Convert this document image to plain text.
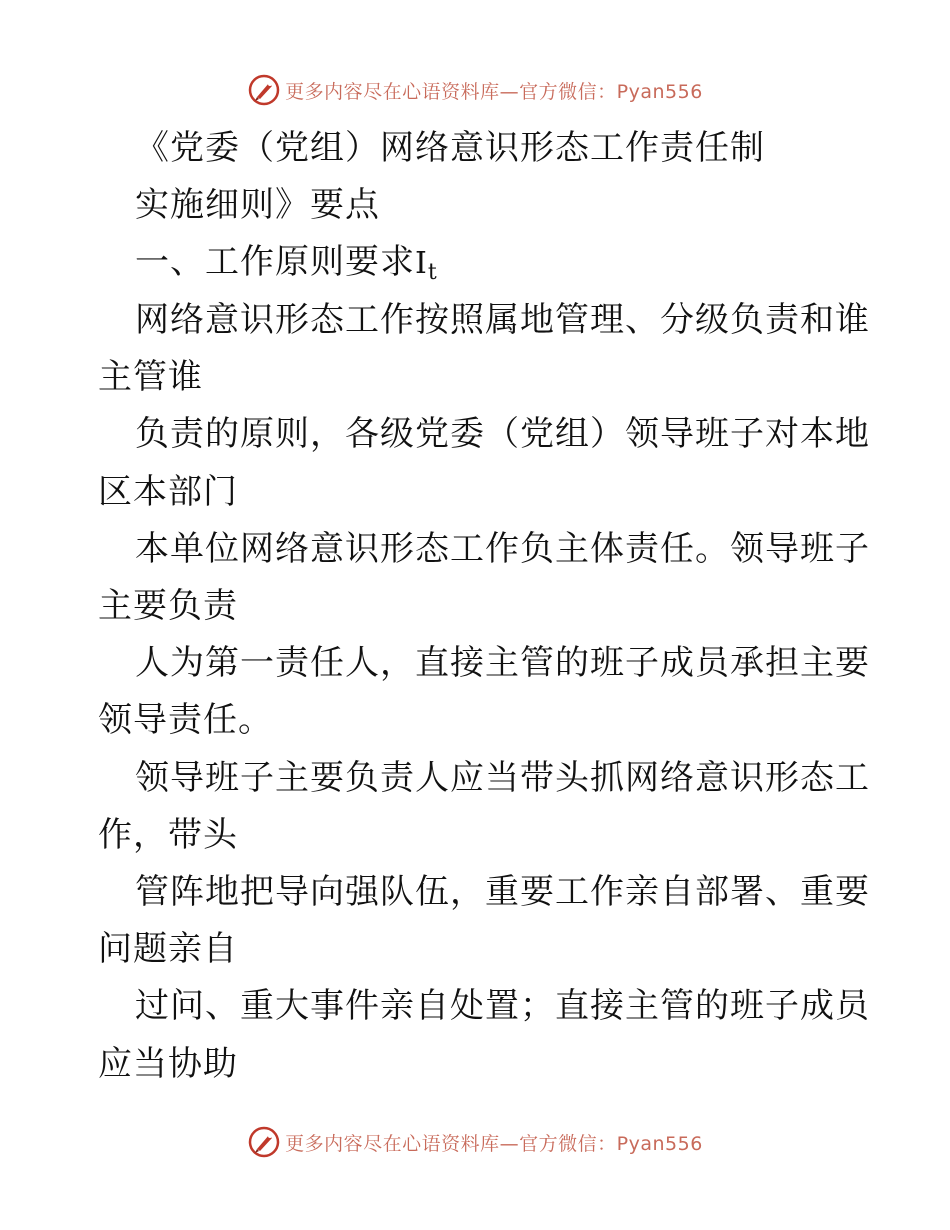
更多内容尽在心语资料库—官方微信：Pyan556
《党委（党组）网络意识形态工作责任制
实施细则》要点
一、工作原则要求$I_t$
网络意识形态工作按照属地管理、分级负责和谁
主管谁
负责的原则，各级党委（党组）领导班子对本地
区本部门
本单位网络意识形态工作负主体责任。领导班子
主要负责
人为第一责任人，直接主管的班子成员承担主要
领导责任。
领导班子主要负责人应当带头抓网络意识形态工
作，带头
管阵地把导向强队伍，重要工作亲自部署、重要
问题亲自
过问、重大事件亲自处置；直接主管的班子成员
应当协助
更多内容尽在心语资料库—官方微信：Pyan556
